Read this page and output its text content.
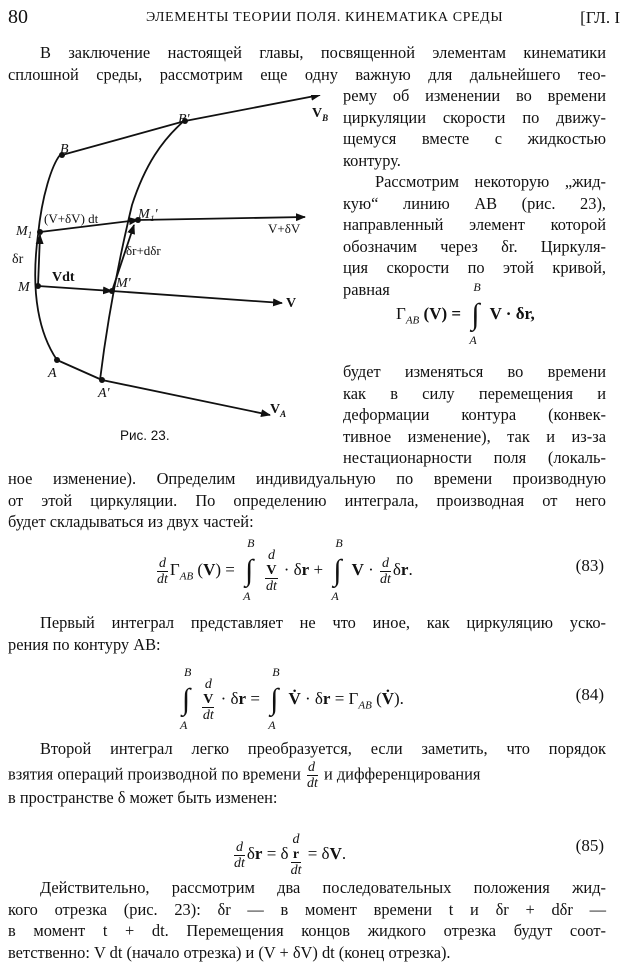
80	ЭЛЕМЕНТЫ ТЕОРИИ ПОЛЯ. КИНЕМАТИКА СРЕДЫ	[ГЛ. I
В заключение настоящей главы, посвященной элементам кинематики
сплошной среды, рассмотрим еще одну важную для дальнейшего тео-
рему об изменении во времени
циркуляции скорости по движу-
щемуся вместе с жидкостью
контуру.
Рассмотрим некоторую „жид-
кую“ линию АВ (рис. 23),
направленный элемент которой
обозначим через δr. Циркуля-
ция скорости по этой кривой,
равная
$\Gamma_{AB}$ (V) = ∫
B
A
V · δr,
будет изменяться во времени
как в силу перемещения и
деформации контура (конвек-
тивное изменение), так и из-за
нестационарности поля (локаль-
ное изменение). Определим индивидуальную по времени производную
от этой циркуляции. По определению интеграла, производная от него
будет складываться из двух частей:
B
B'	$V_B$
$M_1$
M₁'
M	M'
A
A'
$V_A$
δr
(V+δV) dt
Vdt
δr+dδr
V+δV
V
Рис. 23.
$\frac{d}{dt} \Gamma_{AB}$ (V) = ∫
B
A

d
V
dt · δr + ∫
B
A
$V \cdot \frac{d}{dt} \delta r$.	(83)
Первый интеграл представляет не что иное, как циркуляцию уско-
рения по контуру АВ:
∫
B
A

d
V
dt · δr = ∫
B
A
V̇ · $\delta r = \Gamma_{AB}$ (V̇).	(84)
Второй интеграл легко преобразуется, если заметить, что порядок
взятия операций производной по времени $\frac{d}{dt}$ и дифференцирования
в пространстве δ может быть изменен:
$\frac{d}{dt}$ δr = δ d
r
dt = δV.	(85)
Действительно, рассмотрим два последовательных положения жид-
кого отрезка (рис. 23): δr — в момент времени t и δr + dδr —
в момент t + dt. Перемещения концов жидкого отрезка будут соот-
ветственно: V dt (начало отрезка) и (V + δV) dt (конец отрезка).
